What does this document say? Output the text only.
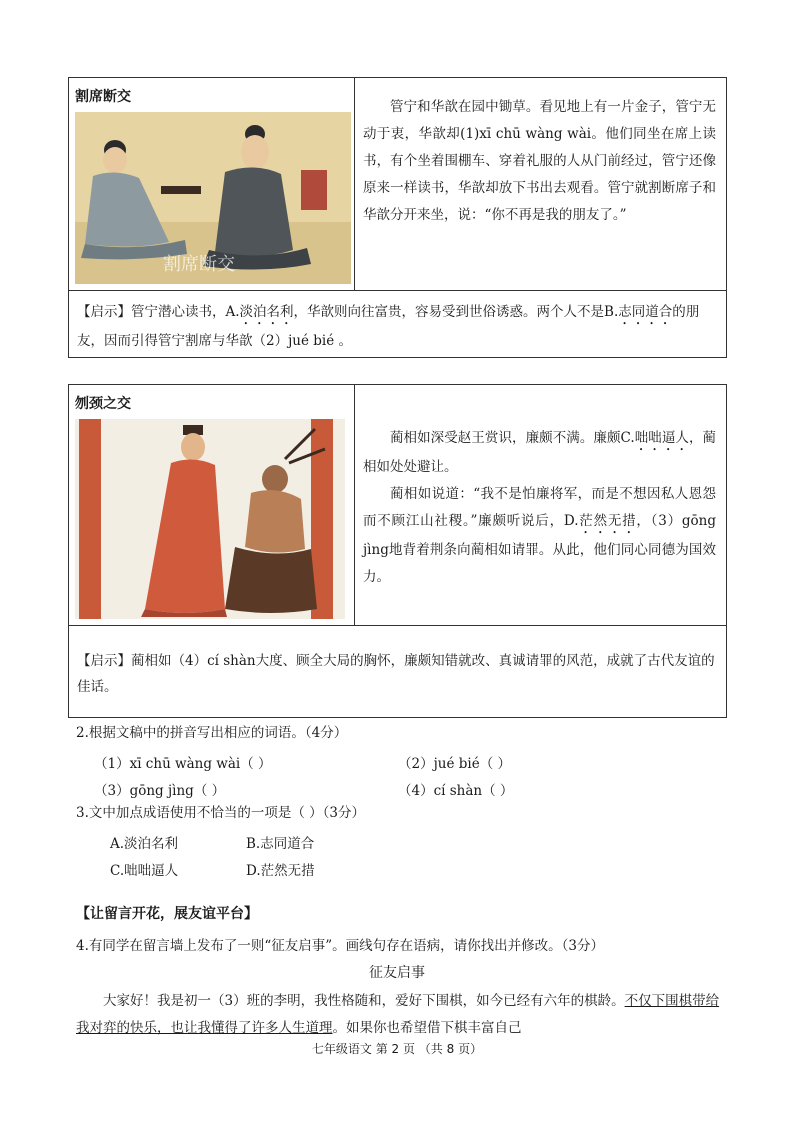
割席断交
割席断交

管宁和华歆在园中锄草。看见地上有一片金子，管宁无动于衷，华歆却(1)xī chū wàng wài。他们同坐在席上读书，有个坐着围棚车、穿着礼服的人从门前经过，管宁还像原来一样读书，华歆却放下书出去观看。管宁就割断席子和华歆分开来坐，说：“你不再是我的朋友了。”

【启示】管宁潜心读书，A.淡泊名利，华歆则向往富贵，容易受到世俗诱惑。两个人不是B.志同道合的朋友，因而引得管宁割席与华歆（2）jué bié 。
刎颈之交

蔺相如深受赵王赏识，廉颇不满。廉颇C.咄咄逼人，蔺相如处处避让。

蔺相如说道：“我不是怕廉将军，而是不想因私人恩怨而不顾江山社稷。”廉颇听说后，D.茫然无措，（3）gōng jìng地背着荆条向蔺相如请罪。从此，他们同心同德为国效力。

【启示】蔺相如（4）cí shàn大度、顾全大局的胸怀，廉颇知错就改、真诚请罪的风范，成就了古代友谊的佳话。
2.根据文稿中的拼音写出相应的词语。（4分）
（1）xī chū wàng wài（ ）	（2）jué bié（ ）
（3）gōng jìng（ ）	（4）cí shàn（ ）
3.文中加点成语使用不恰当的一项是（ ）（3分）
A.淡泊名利	B.志同道合
C.咄咄逼人	D.茫然无措
【让留言开花，展友谊平台】
4.有同学在留言墙上发布了一则“征友启事”。画线句存在语病，请你找出并修改。（3分）
征友启事
大家好！我是初一（3）班的李明，我性格随和，爱好下围棋，如今已经有六年的棋龄。不仅下围棋带给我对弈的快乐，也让我懂得了许多人生道理。如果你也希望借下棋丰富自己
七年级语文 第 2 页 （共 8 页）
